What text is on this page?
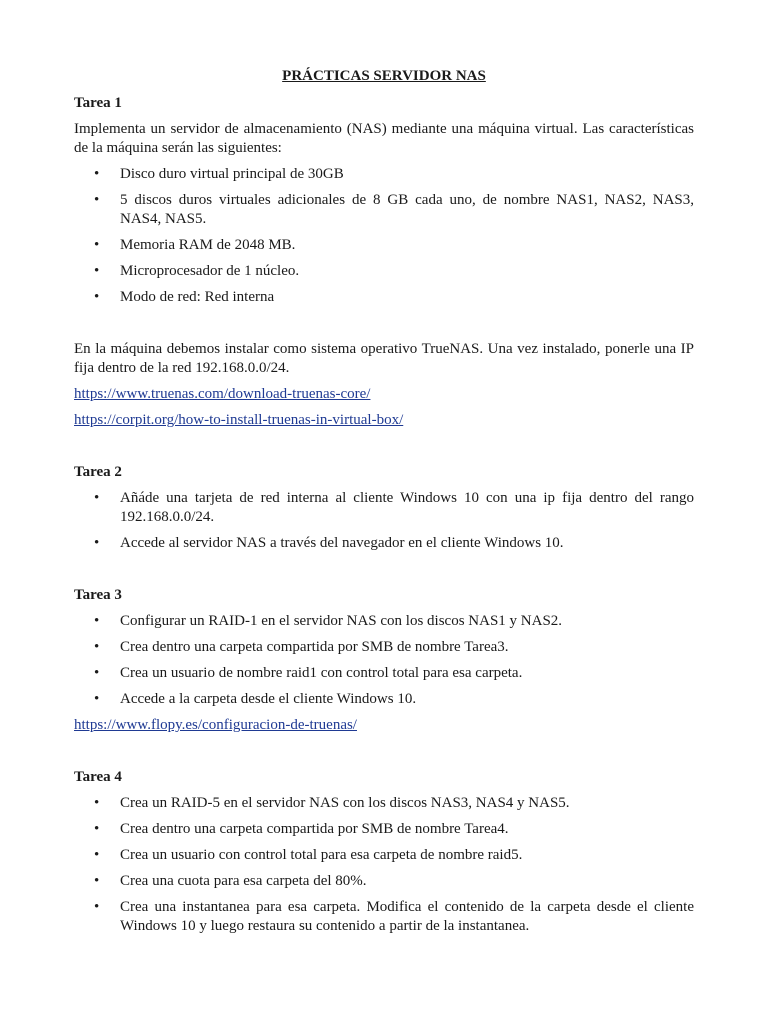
PRÁCTICAS SERVIDOR NAS
Tarea 1
Implementa un servidor de almacenamiento (NAS) mediante una máquina virtual. Las características de la máquina serán las siguientes:
• Disco duro virtual principal de 30GB
• 5 discos duros virtuales adicionales de 8 GB cada uno, de nombre NAS1, NAS2, NAS3, NAS4, NAS5.
• Memoria RAM de 2048 MB.
• Microprocesador de 1 núcleo.
• Modo de red: Red interna
En la máquina debemos instalar como sistema operativo TrueNAS. Una vez instalado, ponerle una IP fija dentro de la red 192.168.0.0/24.
https://www.truenas.com/download-truenas-core/
https://corpit.org/how-to-install-truenas-in-virtual-box/
Tarea 2
• Añáde una tarjeta de red interna al cliente Windows 10 con una ip fija dentro del rango 192.168.0.0/24.
• Accede al servidor NAS a través del navegador en el cliente Windows 10.
Tarea 3
• Configurar un RAID-1 en el servidor NAS con los discos NAS1 y NAS2.
• Crea dentro una carpeta compartida por SMB de nombre Tarea3.
• Crea un usuario de nombre raid1 con control total para esa carpeta.
• Accede a la carpeta desde el cliente Windows 10.
https://www.flopy.es/configuracion-de-truenas/
Tarea 4
• Crea un RAID-5 en el servidor NAS con los discos NAS3, NAS4 y NAS5.
• Crea dentro una carpeta compartida por SMB de nombre Tarea4.
• Crea un usuario con control total para esa carpeta de nombre raid5.
• Crea una cuota para esa carpeta del 80%.
• Crea una instantanea para esa carpeta. Modifica el contenido de la carpeta desde el cliente Windows 10 y luego restaura su contenido a partir de la instantanea.
